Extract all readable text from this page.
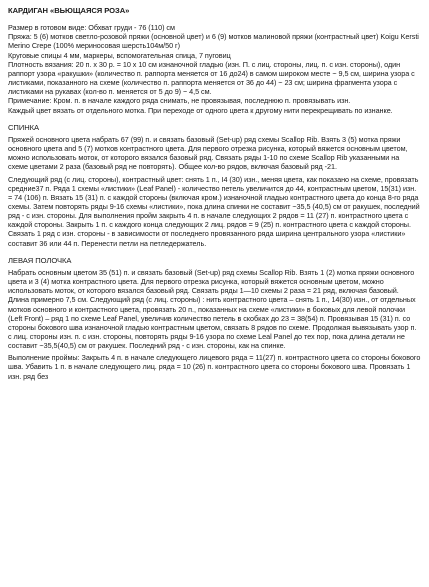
КАРДИГАН «ВЬЮЩАЯСЯ РОЗА»

Размер в готовом виде: Обхват груди - 76 (110) см

Пряжа: 5 (6) мотков светло-розовой пряжи (основной цвет) и 6 (9) мотков малиновой пряжи (контрастный цвет) Koigu Kersti Merino Crepe (100% мериносовая шерсть104м/50 г)

Круговые спицы 4 мм, маркеры, вспомогательная спица, 7 пуговиц

Плотность вязания: 20 п. х 30 р. = 10 х 10 см изнаночной гладью (изн. П. с лиц. стороны, лиц. п. с изн. стороны), один раппорт узора «ракушки» (количество п. раппорта меняется от 16 до24) в самом широком месте ~ 9,5 см, ширина узора с листиками, показанного на схеме (количество п. раппорта меняется от 36 до 44) ~ 23 см; ширина фрагмента узора с листиками на рукавах (кол-во п. меняется от 5 до 9) ~ 4,5 см.

Примечание: Кром. п. в начале каждого ряда снимать, не провязывая, последнюю п. провязывать изн.

Каждый цвет вязать от отдельного мотка. При переходе от одного цвета к другому нити перекрещивать по изнанке.

СПИНКА

Пряжей основного цвета набрать 67 (99) п. и связать базовый (Set-up) ряд схемы Scallop Rib. Взять 3 (5) мотка пряжи основного цвета and 5 (7) мотков контрастного цвета. Для первого отрезка рисунка, который вяжется основным цветом, можно использовать моток, от которого вязался базовый ряд. Связать ряды 1-10 по схеме Scallop Rib указанными на схеме цветами 2 раза (базовый ряд не повторять). Общее кол-во рядов, включая базовый ряд -21.

Следующий ряд (с лиц. стороны), контрастный цвет: снять 1 п., I4 (30) изн., меняя цвета, как показано на схеме, провязать средние37 п. Ряда 1 схемы «листики» (Leaf Panel) - количество петель увеличится до 44, контрастным цветом, 15(31) изн. = 74 (106) п. Вязать 15 (31) п. с каждой стороны (включая кром.) изнаночной гладью контрастного цвета до конца 8-го ряда схемы. Затем повторять ряды 9-16 схемы «листики», пока длина спинки не составит ~35,5 (40,5) см от ракушек, последний ряд - с изн. стороны. Для выполнения пройм закрыть 4 п. в начале следующих 2 рядов = 11 (27) п. контрастного цвета с каждой стороны. Закрыть 1 п. с каждого конца следующих 2 лиц. рядов = 9 (25) п. контрастного цвета с каждой стороны. Связать 1 ряд с изн. стороны - в зависимости от последнего провязанного ряда ширина центрального узора «листики» составит 36 или 44 п. Перенести петли на петледержатель.

ЛЕВАЯ ПОЛОЧКА

Набрать основным цветом 35 (51) п. и связать базовый (Set-up) ряд схемы Scallop Rib. Взять 1 (2) мотка пряжи основного цвета и 3 (4) мотка контрастного цвета. Для первого отрезка рисунка, который вяжется основным цветом, можно использовать моток, от которого вязался базовый ряд. Связать ряды 1—10 схемы 2 раза = 21 ряд, включая базовый. Длина примерно 7,5 см. Следующий ряд (с лиц. стороны) : нить контрастного цвета – снять 1 п., 14(30) изн., от отдельных мотков основного и контрастного цвета, провязать 20 п., показанных на схеме «листики» в боковых для левой полочки (Left Front) – ряд 1 по схеме Leaf Panel, увеличив количество петель в скобках до 23 = 38(54) п. Провязывая 15 (31) п. со стороны бокового шва изнаночной гладью контрастным цветом, связать 8 рядов по схеме. Продолжая вывязывать узор п. с лиц. стороны изн. п. с изн. стороны, повторять ряды 9-16 узора по схеме Leal Panel до тех пор, пока длина детали не составит ~35,5(40,5) см от ракушек. Последний ряд - с изн. стороны, как на спинке.

Выполнение проймы: Закрыть 4 п. в начале следующего лицевого ряда = 11(27) п. контрастного цвета со стороны бокового шва. Убавить 1 п. в начале следующего лиц. ряда = 10 (26) п. контрастного цвета со стороны бокового шва. Провязать 1 изн. ряд без
